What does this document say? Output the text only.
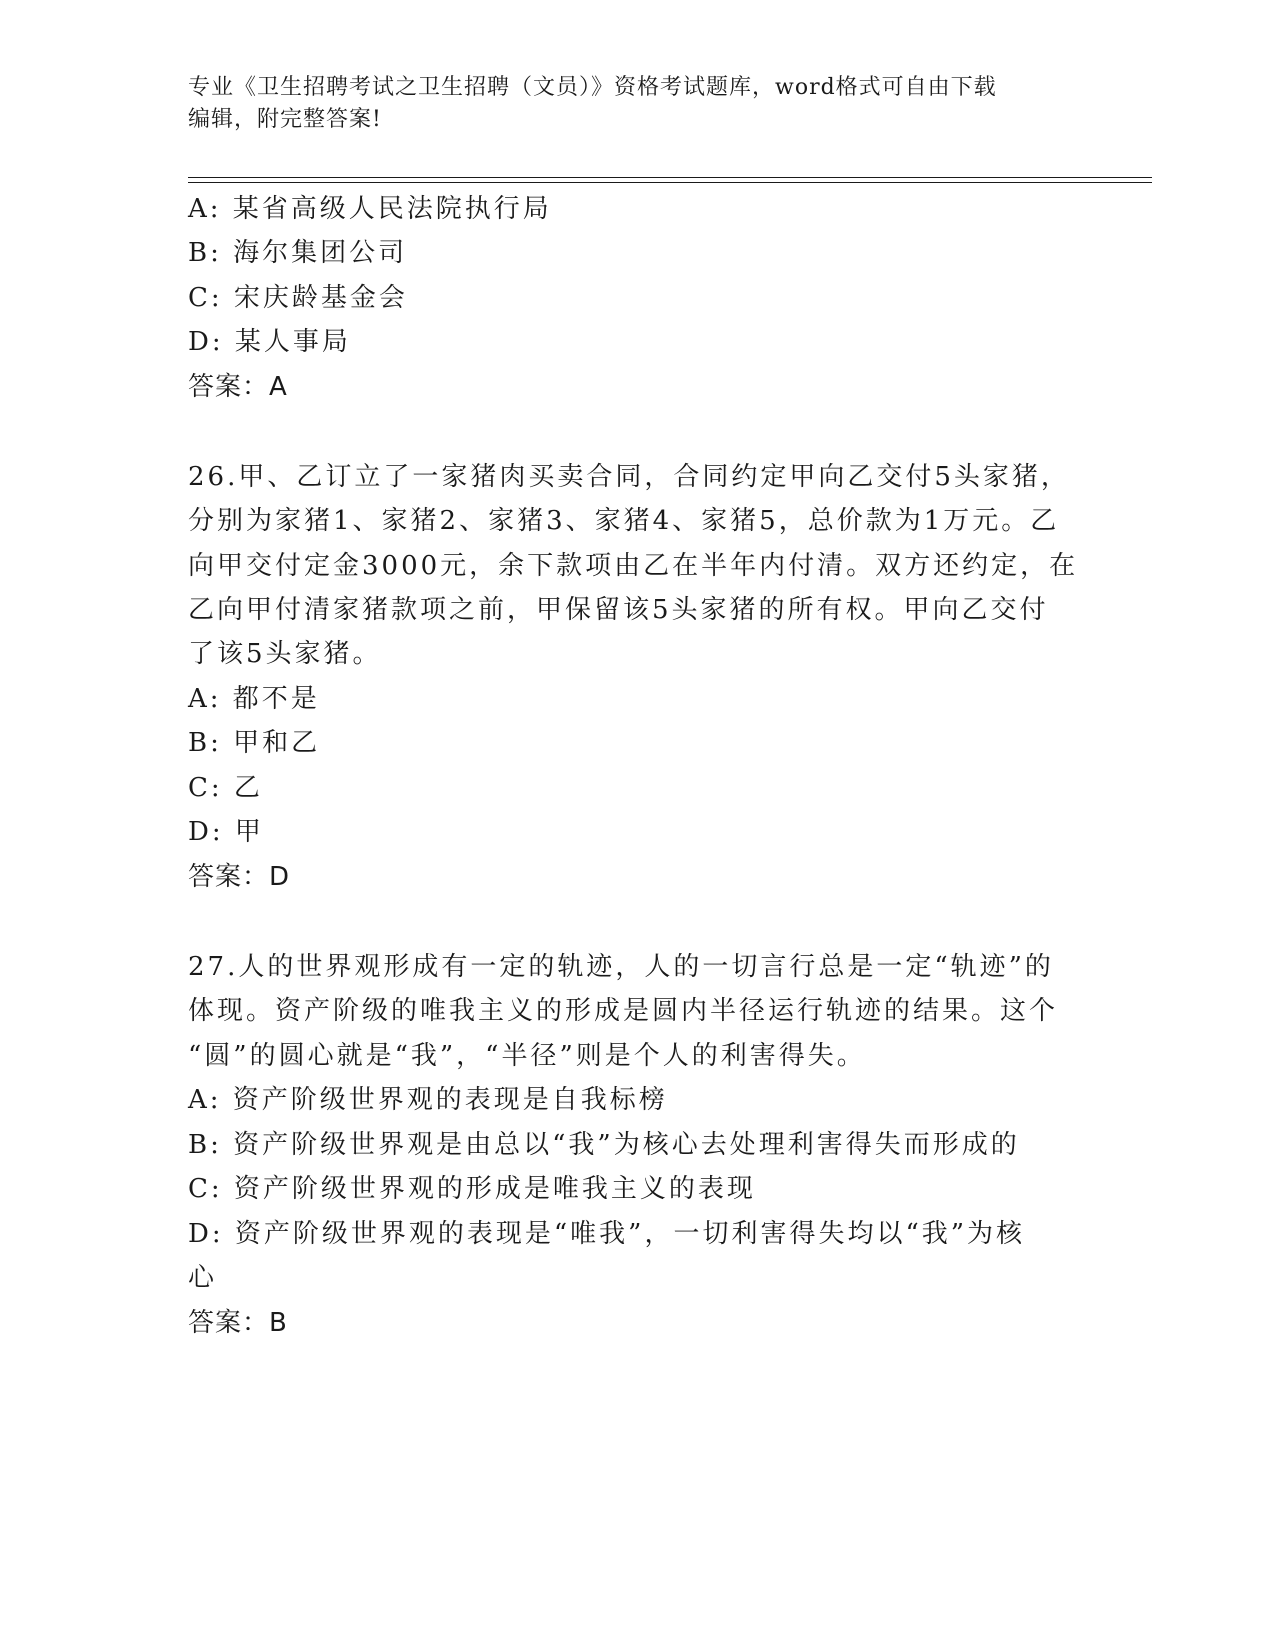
专业《卫生招聘考试之卫生招聘（文员）》资格考试题库，word格式可自由下载
编辑，附完整答案!
A: 某省高级人民法院执行局
B: 海尔集团公司
C: 宋庆龄基金会
D: 某人事局
答案：A
26.甲、乙订立了一家猪肉买卖合同，合同约定甲向乙交付5头家猪，
分别为家猪1、家猪2、家猪3、家猪4、家猪5，总价款为1万元。乙
向甲交付定金3000元，余下款项由乙在半年内付清。双方还约定，在
乙向甲付清家猪款项之前，甲保留该5头家猪的所有权。甲向乙交付
了该5头家猪。
A: 都不是
B: 甲和乙
C: 乙
D: 甲
答案：D
27.人的世界观形成有一定的轨迹，人的一切言行总是一定“轨迹”的
体现。资产阶级的唯我主义的形成是圆内半径运行轨迹的结果。这个
“圆”的圆心就是“我”，“半径”则是个人的利害得失。
A: 资产阶级世界观的表现是自我标榜
B: 资产阶级世界观是由总以“我”为核心去处理利害得失而形成的
C: 资产阶级世界观的形成是唯我主义的表现
D: 资产阶级世界观的表现是“唯我”，一切利害得失均以“我”为核
心
答案：B
